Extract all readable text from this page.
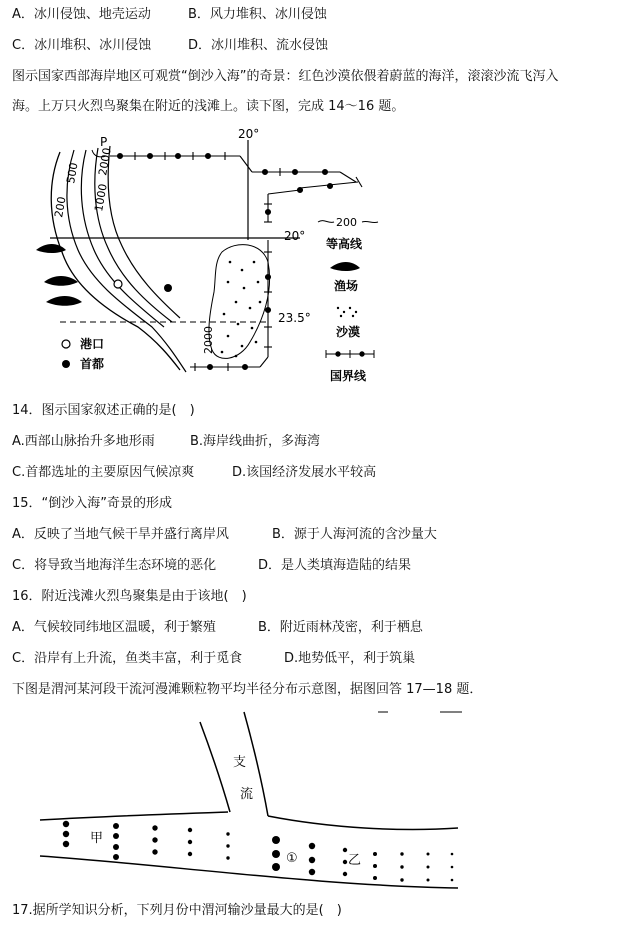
A．冰川侵蚀、地壳运动	B．风力堆积、冰川侵蚀
C．冰川堆积、冰川侵蚀	D．冰川堆积、流水侵蚀
图示国家西部海岸地区可观赏“倒沙入海”的奇景：红色沙漠依偎着蔚蓝的海洋，滚滚沙流飞泻入
海。上万只火烈鸟聚集在附近的浅滩上。读下图，完成 14～16 题。
200
500
1000
2000
P
2000
20°
20°
23.5°
港口
首都
200
等高线
渔场
沙漠
国界线
14．图示国家叙述正确的是(　)
A.西部山脉抬升多地形雨	B.海岸线曲折，多海湾
C.首都选址的主要原因气候凉爽	D.该国经济发展水平较高
15．“倒沙入海”奇景的形成
A．反映了当地气候干旱并盛行离岸风	B．源于人海河流的含沙量大
C．将导致当地海洋生态环境的恶化	D．是人类填海造陆的结果
16．附近浅滩火烈鸟聚集是由于该地(　)
A．气候较同纬地区温暖，利于繁殖	B．附近雨林茂密，利于栖息
C．沿岸有上升流，鱼类丰富，利于觅食	D.地势低平，利于筑巢
下图是渭河某河段干流河漫滩颗粒物平均半径分布示意图，据图回答 17—18 题．
支
流
甲
①	乙
17.据所学知识分析，下列月份中渭河输沙量最大的是(　)
